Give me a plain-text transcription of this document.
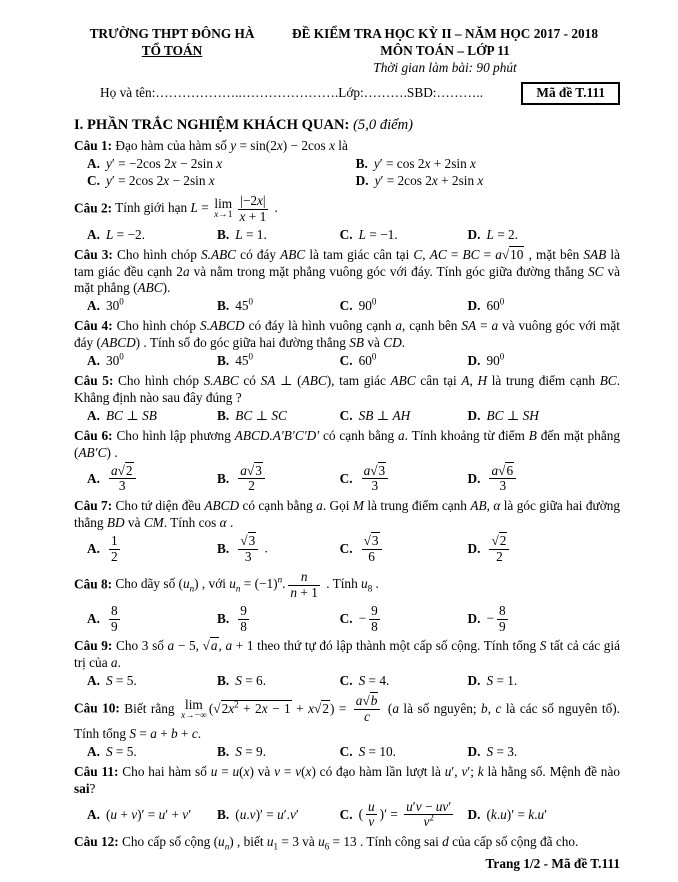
TRƯỜNG THPT ĐÔNG HÀ
TỔ TOÁN
ĐỀ KIỂM TRA HỌC KỲ II – NĂM HỌC 2017 - 2018
MÔN TOÁN – LỚP 11
Thời gian làm bài: 90 phút
Họ và tên:………………..………………….Lớp:……….SBD:………..	Mã đề T.111
I. PHẦN TRẮC NGHIỆM KHÁCH QUAN: (5,0 điểm)

Câu 1: Đạo hàm của hàm số y = sin(2x) − 2cos x là

A. y′ = −2cos 2x − 2sin x	B. y′ = cos 2x + 2sin x
C. y′ = 2cos 2x − 2sin x	D. y′ = 2cos 2x + 2sin x

Câu 2: Tính giới hạn L = lim
$x\to 1 \frac{|-2x|}{x + 1}$ .

A. L = −2.	B. L = 1.	C. L = −1.	D. L = 2.

Câu 3: Cho hình chóp S.ABC có đáy ABC là tam giác cân tại C, AC = BC = a√10 , mặt bên SAB là tam giác đều cạnh 2a và nằm trong mặt phẳng vuông góc với đáy. Tính góc giữa đường thẳng SC và mặt phẳng (ABC).

A. $30^0$	B. $45^0$	C. $90^0$	D. $60^0$

Câu 4: Cho hình chóp S.ABCD có đáy là hình vuông cạnh a, cạnh bên SA = a và vuông góc với mặt đáy (ABCD) . Tính số đo góc giữa hai đường thẳng SB và CD.

A. $30^0$	B. $45^0$	C. $60^0$	D. $90^0$

Câu 5: Cho hình chóp S.ABC có SA ⊥ (ABC), tam giác ABC cân tại A, H là trung điểm cạnh BC. Khẳng định nào sau đây đúng ?

A. BC ⊥ SB	B. BC ⊥ SC	C. SB ⊥ AH	D. BC ⊥ SH

Câu 6: Cho hình lập phương ABCD.A′B′C′D′ có cạnh bằng a. Tính khoảng từ điểm B đến mặt phẳng (AB′C) .

A. $\frac{a√2}{3}$	B. $\frac{a√3}{2}$	C. $\frac{a√3}{3}$	D. $\frac{a√6}{3}$

Câu 7: Cho tứ diện đều ABCD có cạnh bằng a. Gọi M là trung điểm cạnh AB, α là góc giữa hai đường thẳng BD và CM. Tính cos α .

A. $\frac{1}{2}$	B. $\frac{√3}{3}$ .	C. $\frac{√3}{6}$	D. $\frac{√2}{2}$

Câu 8: Cho dãy số $(u_n)$ , với $u_n = (-1)^n$. $\frac{n}{n + 1}$ . Tính $u_8$ .

A. $\frac{8}{9}$	B. $\frac{9}{8}$	C. − $\frac{9}{8}$	D. − $\frac{8}{9}$

Câu 9: Cho 3 số a − 5, √a, a + 1 theo thứ tự đó lập thành một cấp số cộng. Tính tổng S tất cả các giá trị của a.

A. S = 5.	B. S = 6.	C. S = 4.	D. S = 1.

Câu 10: Biết rằng lim
x→−∞ $(√2x^2 + 2x - 1 + x√2) = \frac{a√b}{c} (a$ là số nguyên; b, c là các số nguyên tố). Tính tổng S = a + b + c.

A. S = 5.	B. S = 9.	C. S = 10.	D. S = 3.

Câu 11: Cho hai hàm số u = u(x) và v = v(x) có đạo hàm lần lượt là u′, v′; k là hằng số. Mệnh đề nào sai?

A. (u + v)′ = u′ + v′ B. (u.v)′ = u′.v′	C. ( $\frac{u}{v}$ )′ = $\frac{u'v - uv'}{v^2} D$. (k.u)′ = k.u′

Câu 12: Cho cấp số cộng $(u_n)$ , biết $u_1 = 3$ và $u_6 = 13$ . Tính công sai d của cấp số cộng đã cho.

Trang 1/2 - Mã đề T.111
